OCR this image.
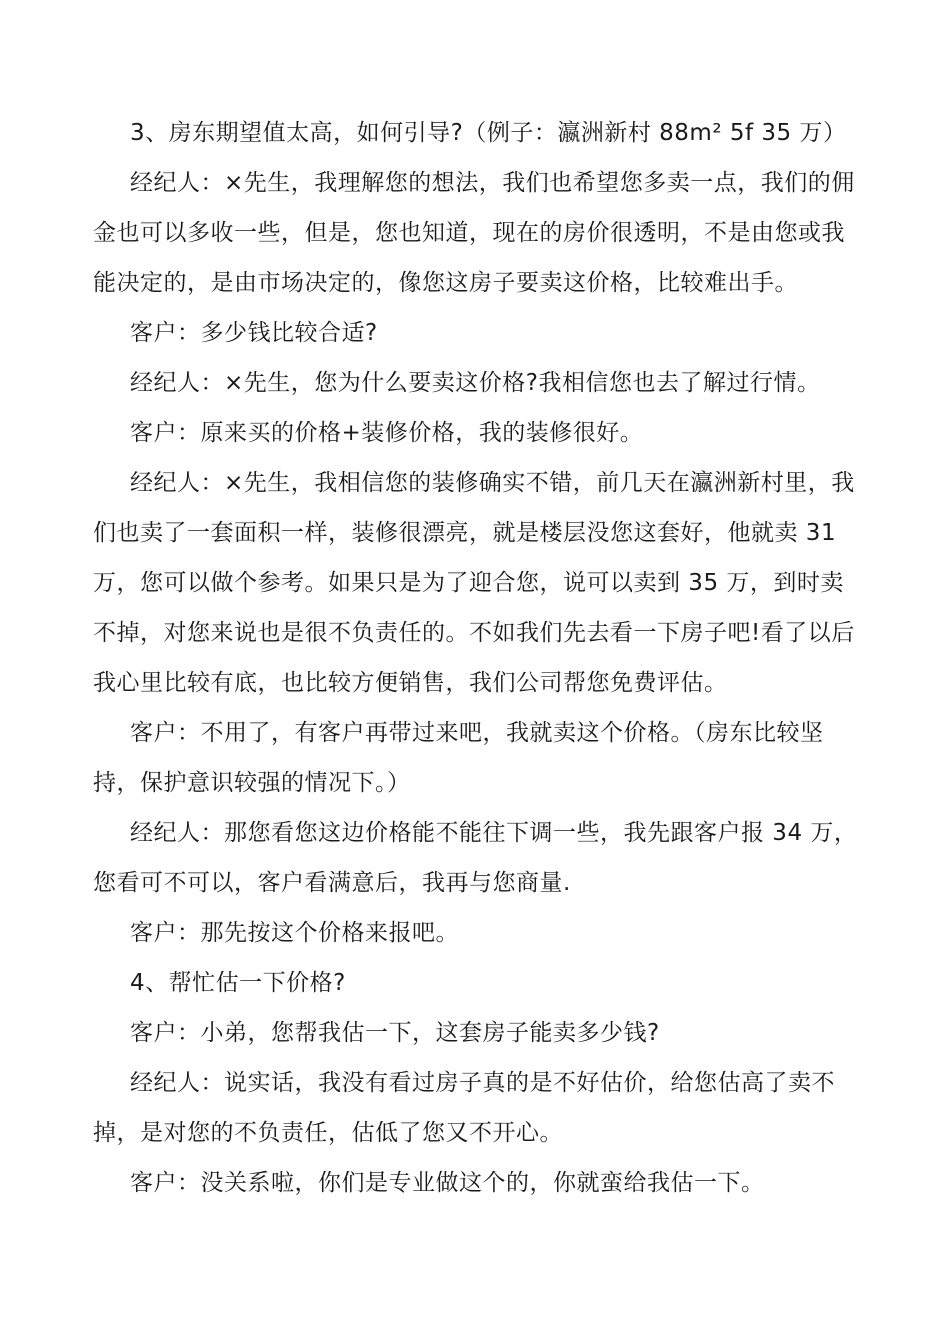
3、房东期望值太高，如何引导?（例子：瀛洲新村 88m² 5f 35 万）

经纪人：×先生，我理解您的想法，我们也希望您多卖一点，我们的佣金也可以多收一些，但是，您也知道，现在的房价很透明，不是由您或我能决定的，是由市场决定的，像您这房子要卖这价格，比较难出手。

客户：多少钱比较合适?

经纪人：×先生，您为什么要卖这价格?我相信您也去了解过行情。

客户：原来买的价格+装修价格，我的装修很好。

经纪人：×先生，我相信您的装修确实不错，前几天在瀛洲新村里，我们也卖了一套面积一样，装修很漂亮，就是楼层没您这套好，他就卖 31 万，您可以做个参考。如果只是为了迎合您，说可以卖到 35 万，到时卖不掉，对您来说也是很不负责任的。不如我们先去看一下房子吧!看了以后我心里比较有底，也比较方便销售，我们公司帮您免费评估。

客户：不用了，有客户再带过来吧，我就卖这个价格。（房东比较坚持，保护意识较强的情况下。）

经纪人：那您看您这边价格能不能往下调一些，我先跟客户报 34 万，您看可不可以，客户看满意后，我再与您商量.

客户：那先按这个价格来报吧。

4、帮忙估一下价格?

客户：小弟，您帮我估一下，这套房子能卖多少钱?

经纪人：说实话，我没有看过房子真的是不好估价，给您估高了卖不掉，是对您的不负责任，估低了您又不开心。

客户：没关系啦，你们是专业做这个的，你就蛮给我估一下。
